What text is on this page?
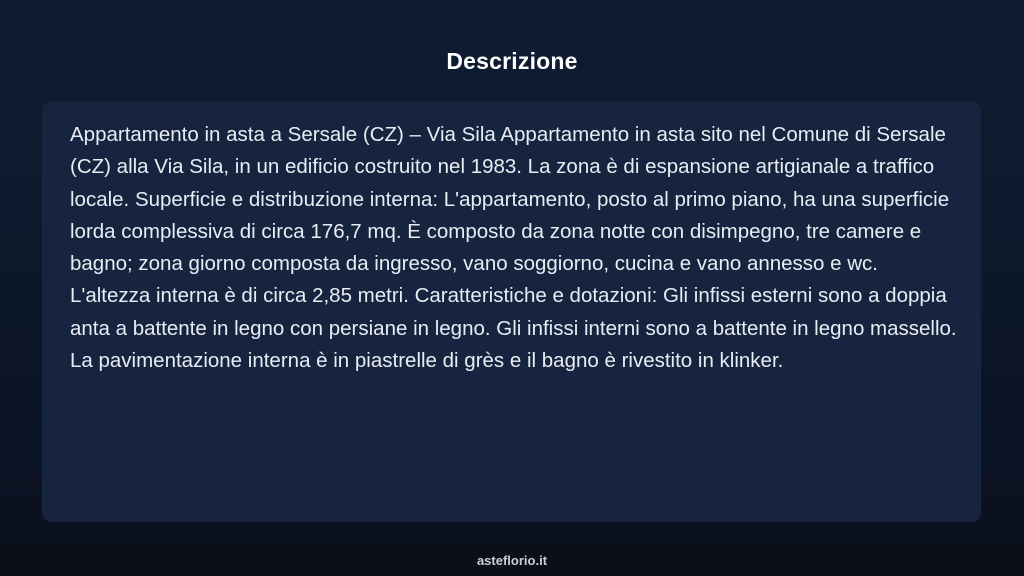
Descrizione

Appartamento in asta a Sersale (CZ) – Via Sila Appartamento in asta sito nel Comune di Sersale (CZ) alla Via Sila, in un edificio costruito nel 1983. La zona è di espansione artigianale a traffico locale. Superficie e distribuzione interna: L'appartamento, posto al primo piano, ha una superficie lorda complessiva di circa 176,7 mq. È composto da zona notte con disimpegno, tre camere e bagno; zona giorno composta da ingresso, vano soggiorno, cucina e vano annesso e wc. L'altezza interna è di circa 2,85 metri. Caratteristiche e dotazioni: Gli infissi esterni sono a doppia anta a battente in legno con persiane in legno. Gli infissi interni sono a battente in legno massello. La pavimentazione interna è in piastrelle di grès e il bagno è rivestito in klinker.

asteflorio.it
